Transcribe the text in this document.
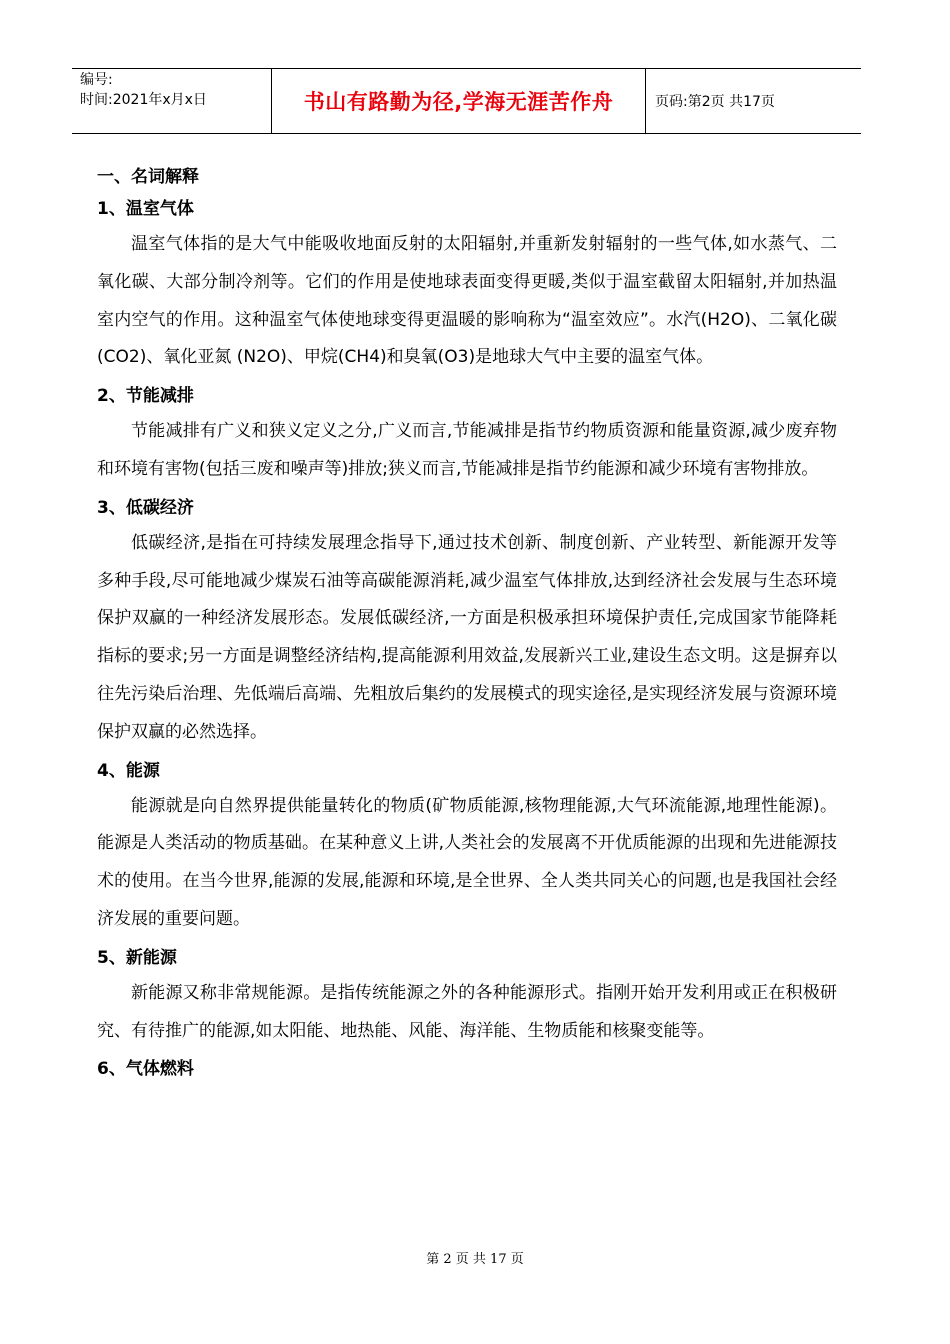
编号:
时间:2021年x月x日	书山有路勤为径,学海无涯苦作舟	页码:第2页 共17页
一、名词解释
1、温室气体

温室气体指的是大气中能吸收地面反射的太阳辐射,并重新发射辐射的一些气体,如水蒸气、二氧化碳、大部分制冷剂等。它们的作用是使地球表面变得更暖,类似于温室截留太阳辐射,并加热温室内空气的作用。这种温室气体使地球变得更温暖的影响称为“温室效应”。水汽(H2O)、二氧化碳(CO2)、氧化亚氮 (N2O)、甲烷(CH4)和臭氧(O3)是地球大气中主要的温室气体。

2、节能减排

节能减排有广义和狭义定义之分,广义而言,节能减排是指节约物质资源和能量资源,减少废弃物和环境有害物(包括三废和噪声等)排放;狭义而言,节能减排是指节约能源和减少环境有害物排放。

3、低碳经济

低碳经济,是指在可持续发展理念指导下,通过技术创新、制度创新、产业转型、新能源开发等多种手段,尽可能地减少煤炭石油等高碳能源消耗,减少温室气体排放,达到经济社会发展与生态环境保护双赢的一种经济发展形态。发展低碳经济,一方面是积极承担环境保护责任,完成国家节能降耗指标的要求;另一方面是调整经济结构,提高能源利用效益,发展新兴工业,建设生态文明。这是摒弃以往先污染后治理、先低端后高端、先粗放后集约的发展模式的现实途径,是实现经济发展与资源环境保护双赢的必然选择。

4、能源

能源就是向自然界提供能量转化的物质(矿物质能源,核物理能源,大气环流能源,地理性能源)。能源是人类活动的物质基础。在某种意义上讲,人类社会的发展离不开优质能源的出现和先进能源技术的使用。在当今世界,能源的发展,能源和环境,是全世界、全人类共同关心的问题,也是我国社会经济发展的重要问题。

5、新能源

新能源又称非常规能源。是指传统能源之外的各种能源形式。指刚开始开发利用或正在积极研究、有待推广的能源,如太阳能、地热能、风能、海洋能、生物质能和核聚变能等。

6、气体燃料
第 2 页 共 17 页
